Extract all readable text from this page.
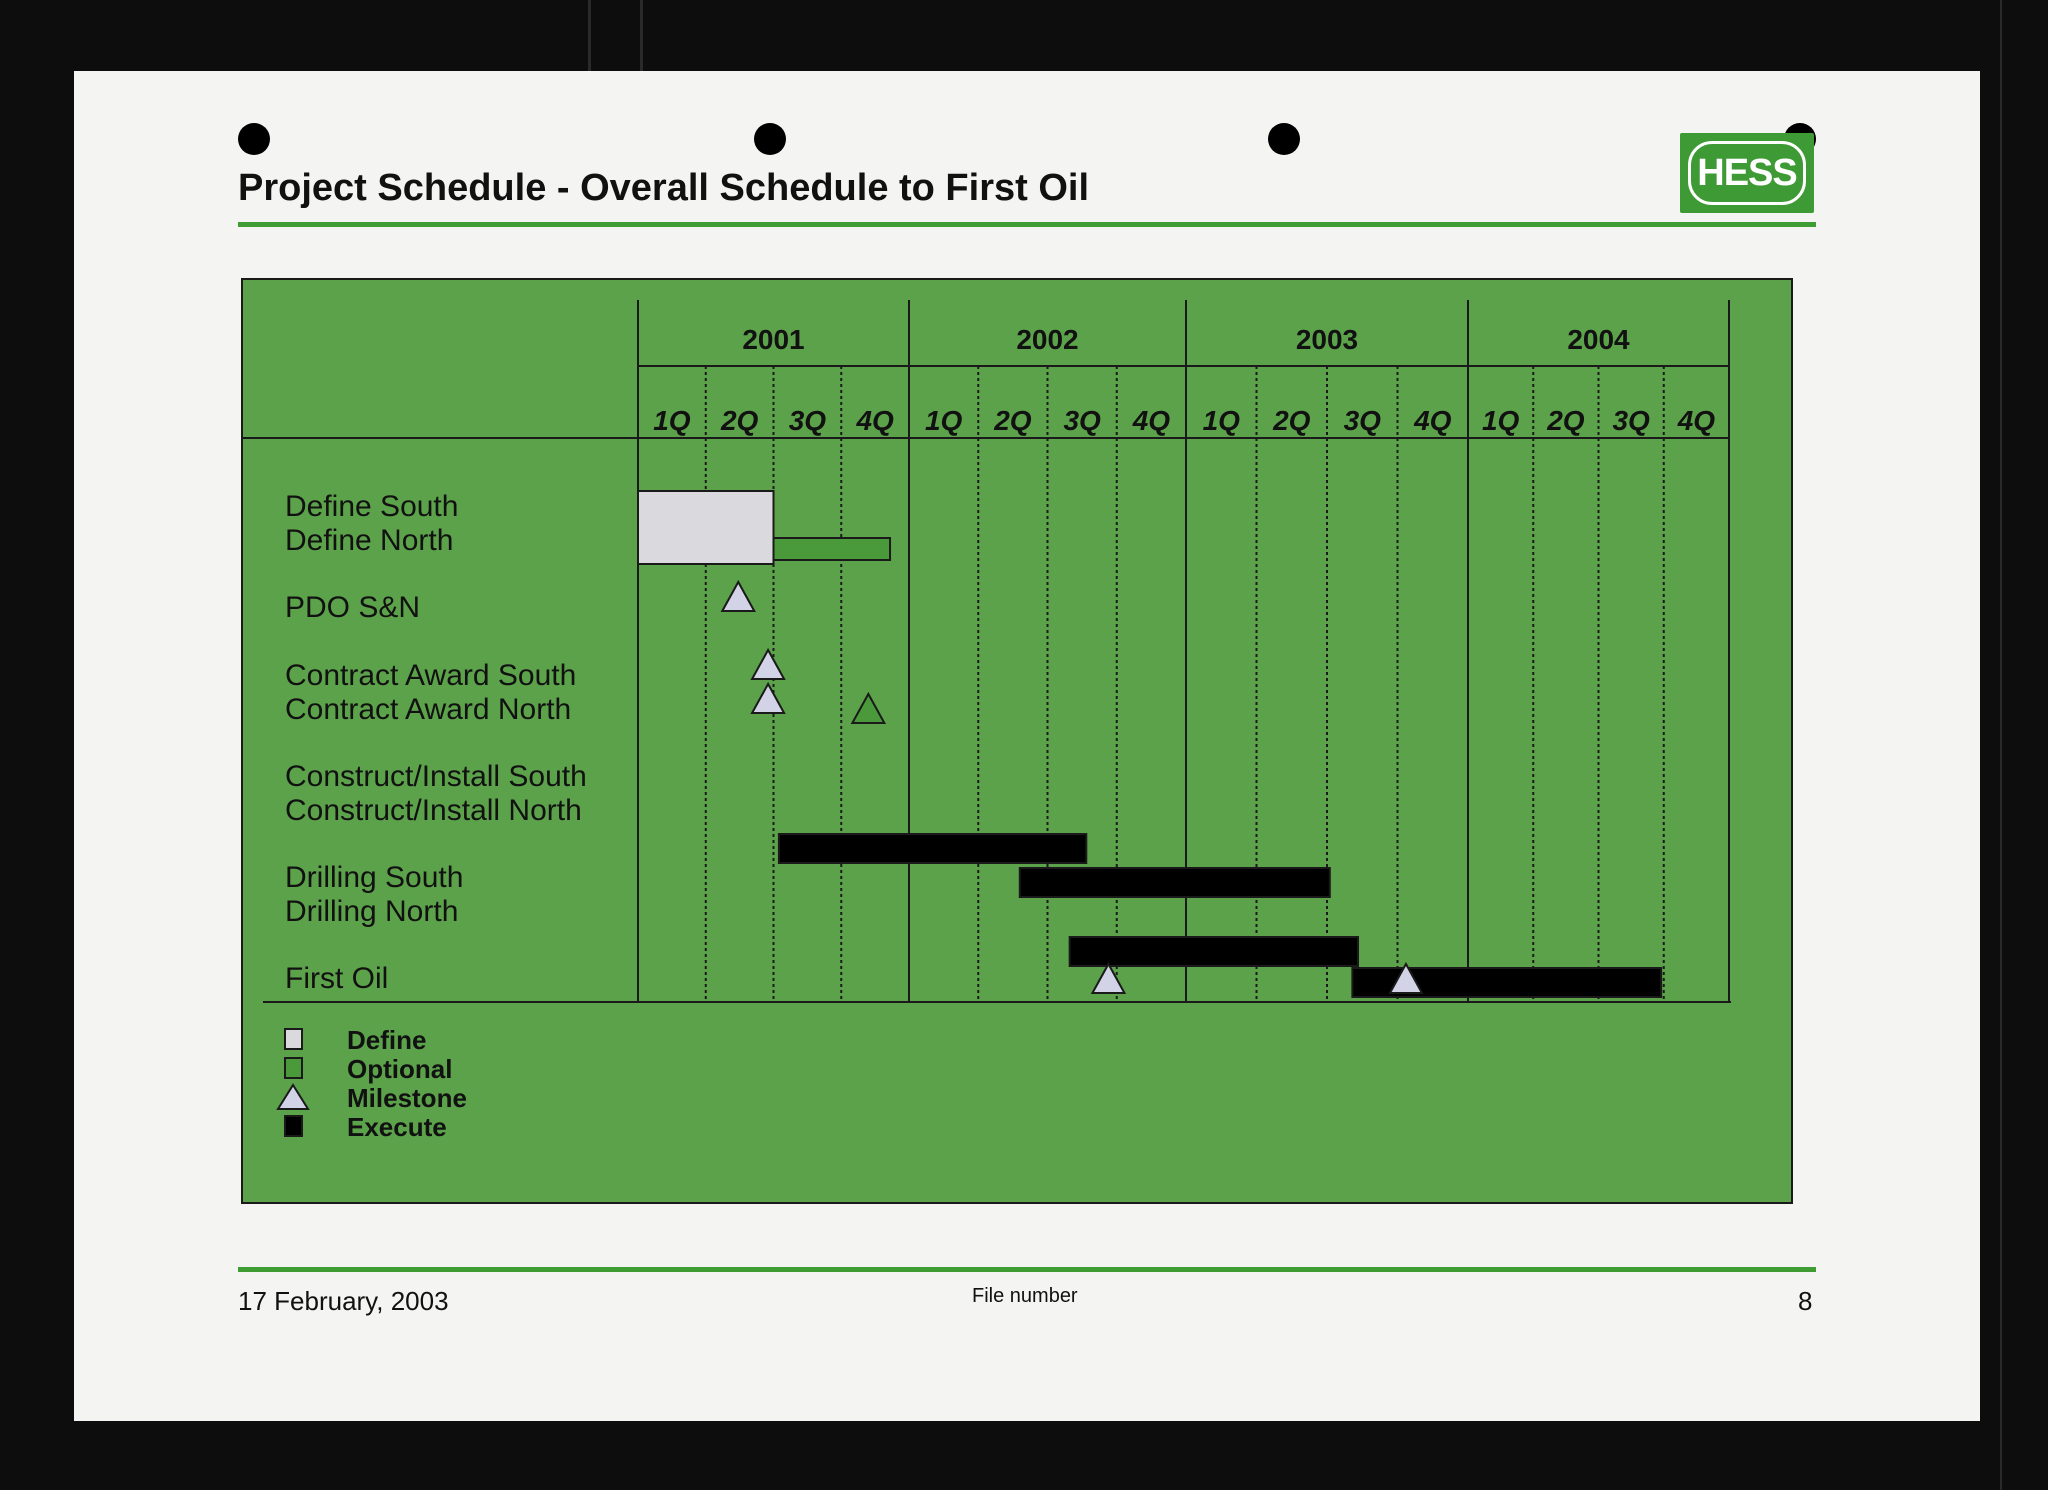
Project Schedule - Overall Schedule to First Oil	HESS
2001
1Q 2Q 3Q 4Q
2002
1Q 2Q 3Q 4Q
2003
1Q 2Q 3Q 4Q
2004
1Q 2Q 3Q 4Q
Define South
Define North
PDO S&N
Contract Award South
Contract Award North
Construct/Install South
Construct/Install North
Drilling South
Drilling North
First Oil
Define
Optional
Milestone
Execute
17 February, 2003	File number	8
